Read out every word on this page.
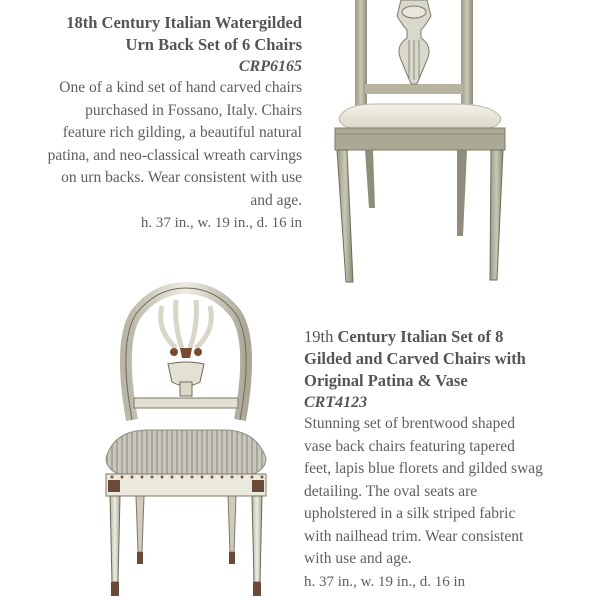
18th Century Italian Watergilded Urn Back Set of 6 Chairs

CRP6165

One of a kind set of hand carved chairs purchased in Fossano, Italy. Chairs feature rich gilding, a beautiful natural patina, and neo-classical wreath carvings on urn backs. Wear consistent with use and age.

h. 37 in., w. 19 in., d. 16 in

19th Century Italian Set of 8 Gilded and Carved Chairs with Original Patina & Vase

CRT4123

Stunning set of brentwood shaped vase back chairs featuring tapered feet, lapis blue florets and gilded swag detailing. The oval seats are upholstered in a silk striped fabric with nailhead trim. Wear consistent with use and age.

h. 37 in., w. 19 in., d. 16 in
